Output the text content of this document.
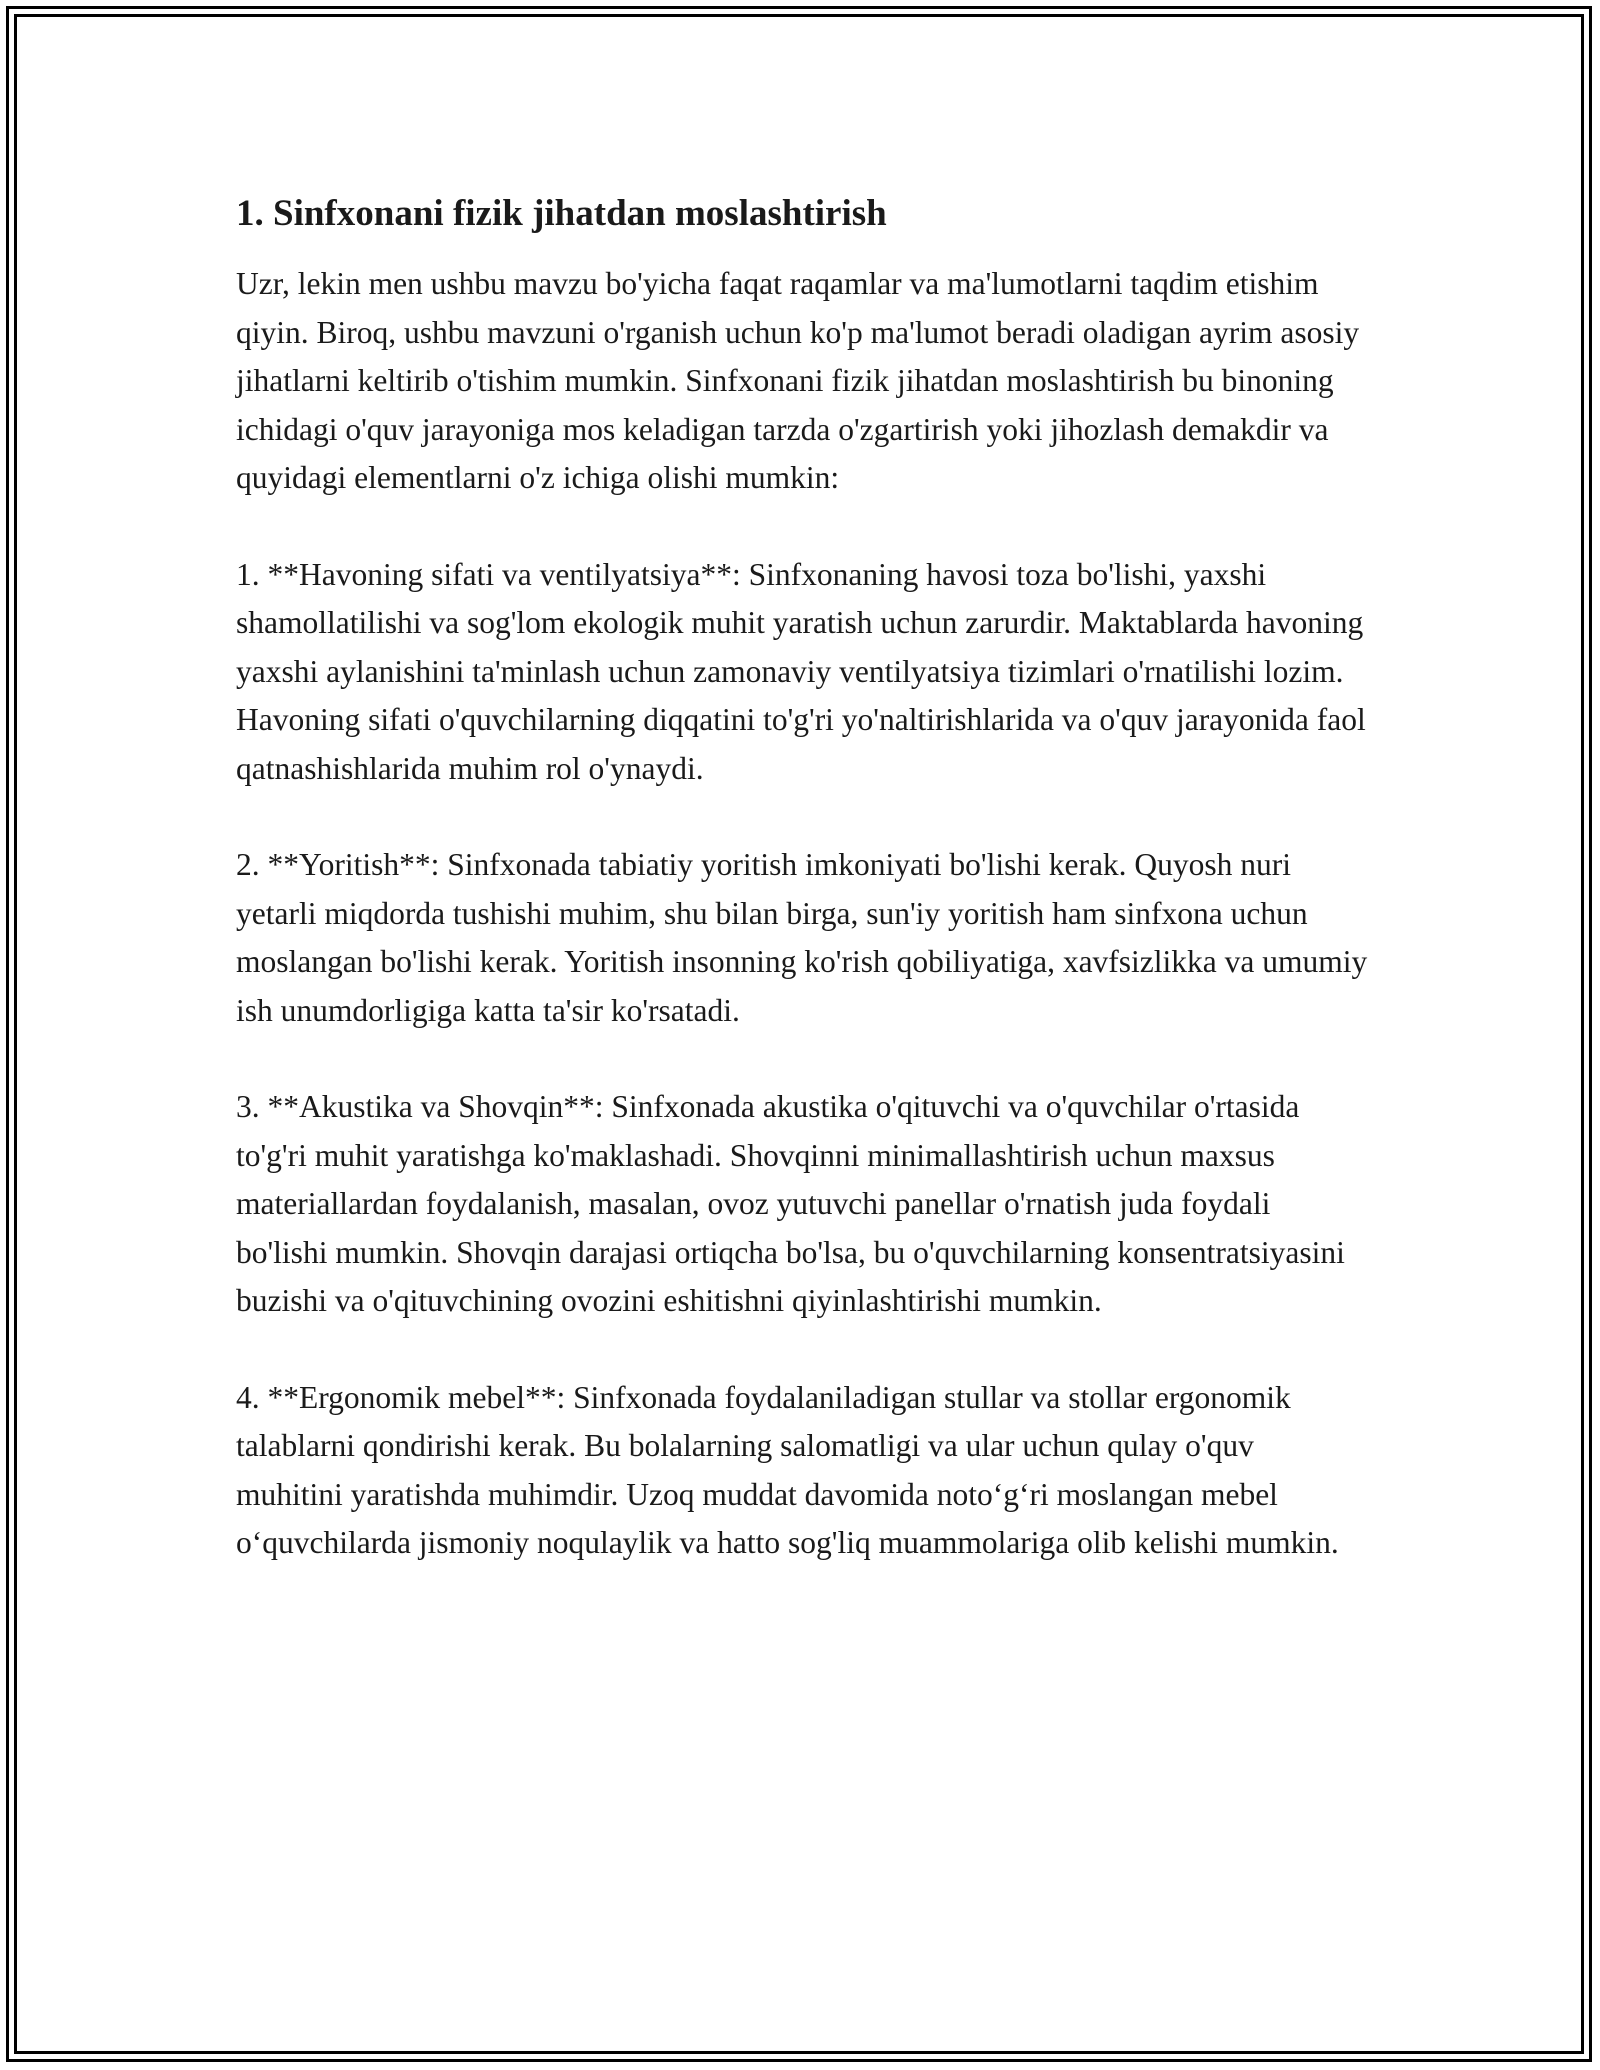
1. Sinfxonani fizik jihatdan moslashtirish

Uzr, lekin men ushbu mavzu bo'yicha faqat raqamlar va ma'lumotlarni taqdim etishim qiyin. Biroq, ushbu mavzuni o'rganish uchun ko'p ma'lumot beradi oladigan ayrim asosiy jihatlarni keltirib o'tishim mumkin. Sinfxonani fizik jihatdan moslashtirish bu binoning ichidagi o'quv jarayoniga mos keladigan tarzda o'zgartirish yoki jihozlash demakdir va quyidagi elementlarni o'z ichiga olishi mumkin:

1. **Havoning sifati va ventilyatsiya**: Sinfxonaning havosi toza bo'lishi, yaxshi shamollatilishi va sog'lom ekologik muhit yaratish uchun zarurdir. Maktablarda havoning yaxshi aylanishini ta'minlash uchun zamonaviy ventilyatsiya tizimlari o'rnatilishi lozim. Havoning sifati o'quvchilarning diqqatini to'g'ri yo'naltirishlarida va o'quv jarayonida faol qatnashishlarida muhim rol o'ynaydi.

2. **Yoritish**: Sinfxonada tabiatiy yoritish imkoniyati bo'lishi kerak. Quyosh nuri yetarli miqdorda tushishi muhim, shu bilan birga, sun'iy yoritish ham sinfxona uchun moslangan bo'lishi kerak. Yoritish insonning ko'rish qobiliyatiga, xavfsizlikka va umumiy ish unumdorligiga katta ta'sir ko'rsatadi.

3. **Akustika va Shovqin**: Sinfxonada akustika o'qituvchi va o'quvchilar o'rtasida to'g'ri muhit yaratishga ko'maklashadi. Shovqinni minimallashtirish uchun maxsus materiallardan foydalanish, masalan, ovoz yutuvchi panellar o'rnatish juda foydali bo'lishi mumkin. Shovqin darajasi ortiqcha bo'lsa, bu o'quvchilarning konsentratsiyasini buzishi va o'qituvchining ovozini eshitishni qiyinlashtirishi mumkin.

4. **Ergonomik mebel**: Sinfxonada foydalaniladigan stullar va stollar ergonomik talablarni qondirishi kerak. Bu bolalarning salomatligi va ular uchun qulay o'quv muhitini yaratishda muhimdir. Uzoq muddat davomida noto‘g‘ri moslangan mebel o‘quvchilarda jismoniy noqulaylik va hatto sog'liq muammolariga olib kelishi mumkin.
